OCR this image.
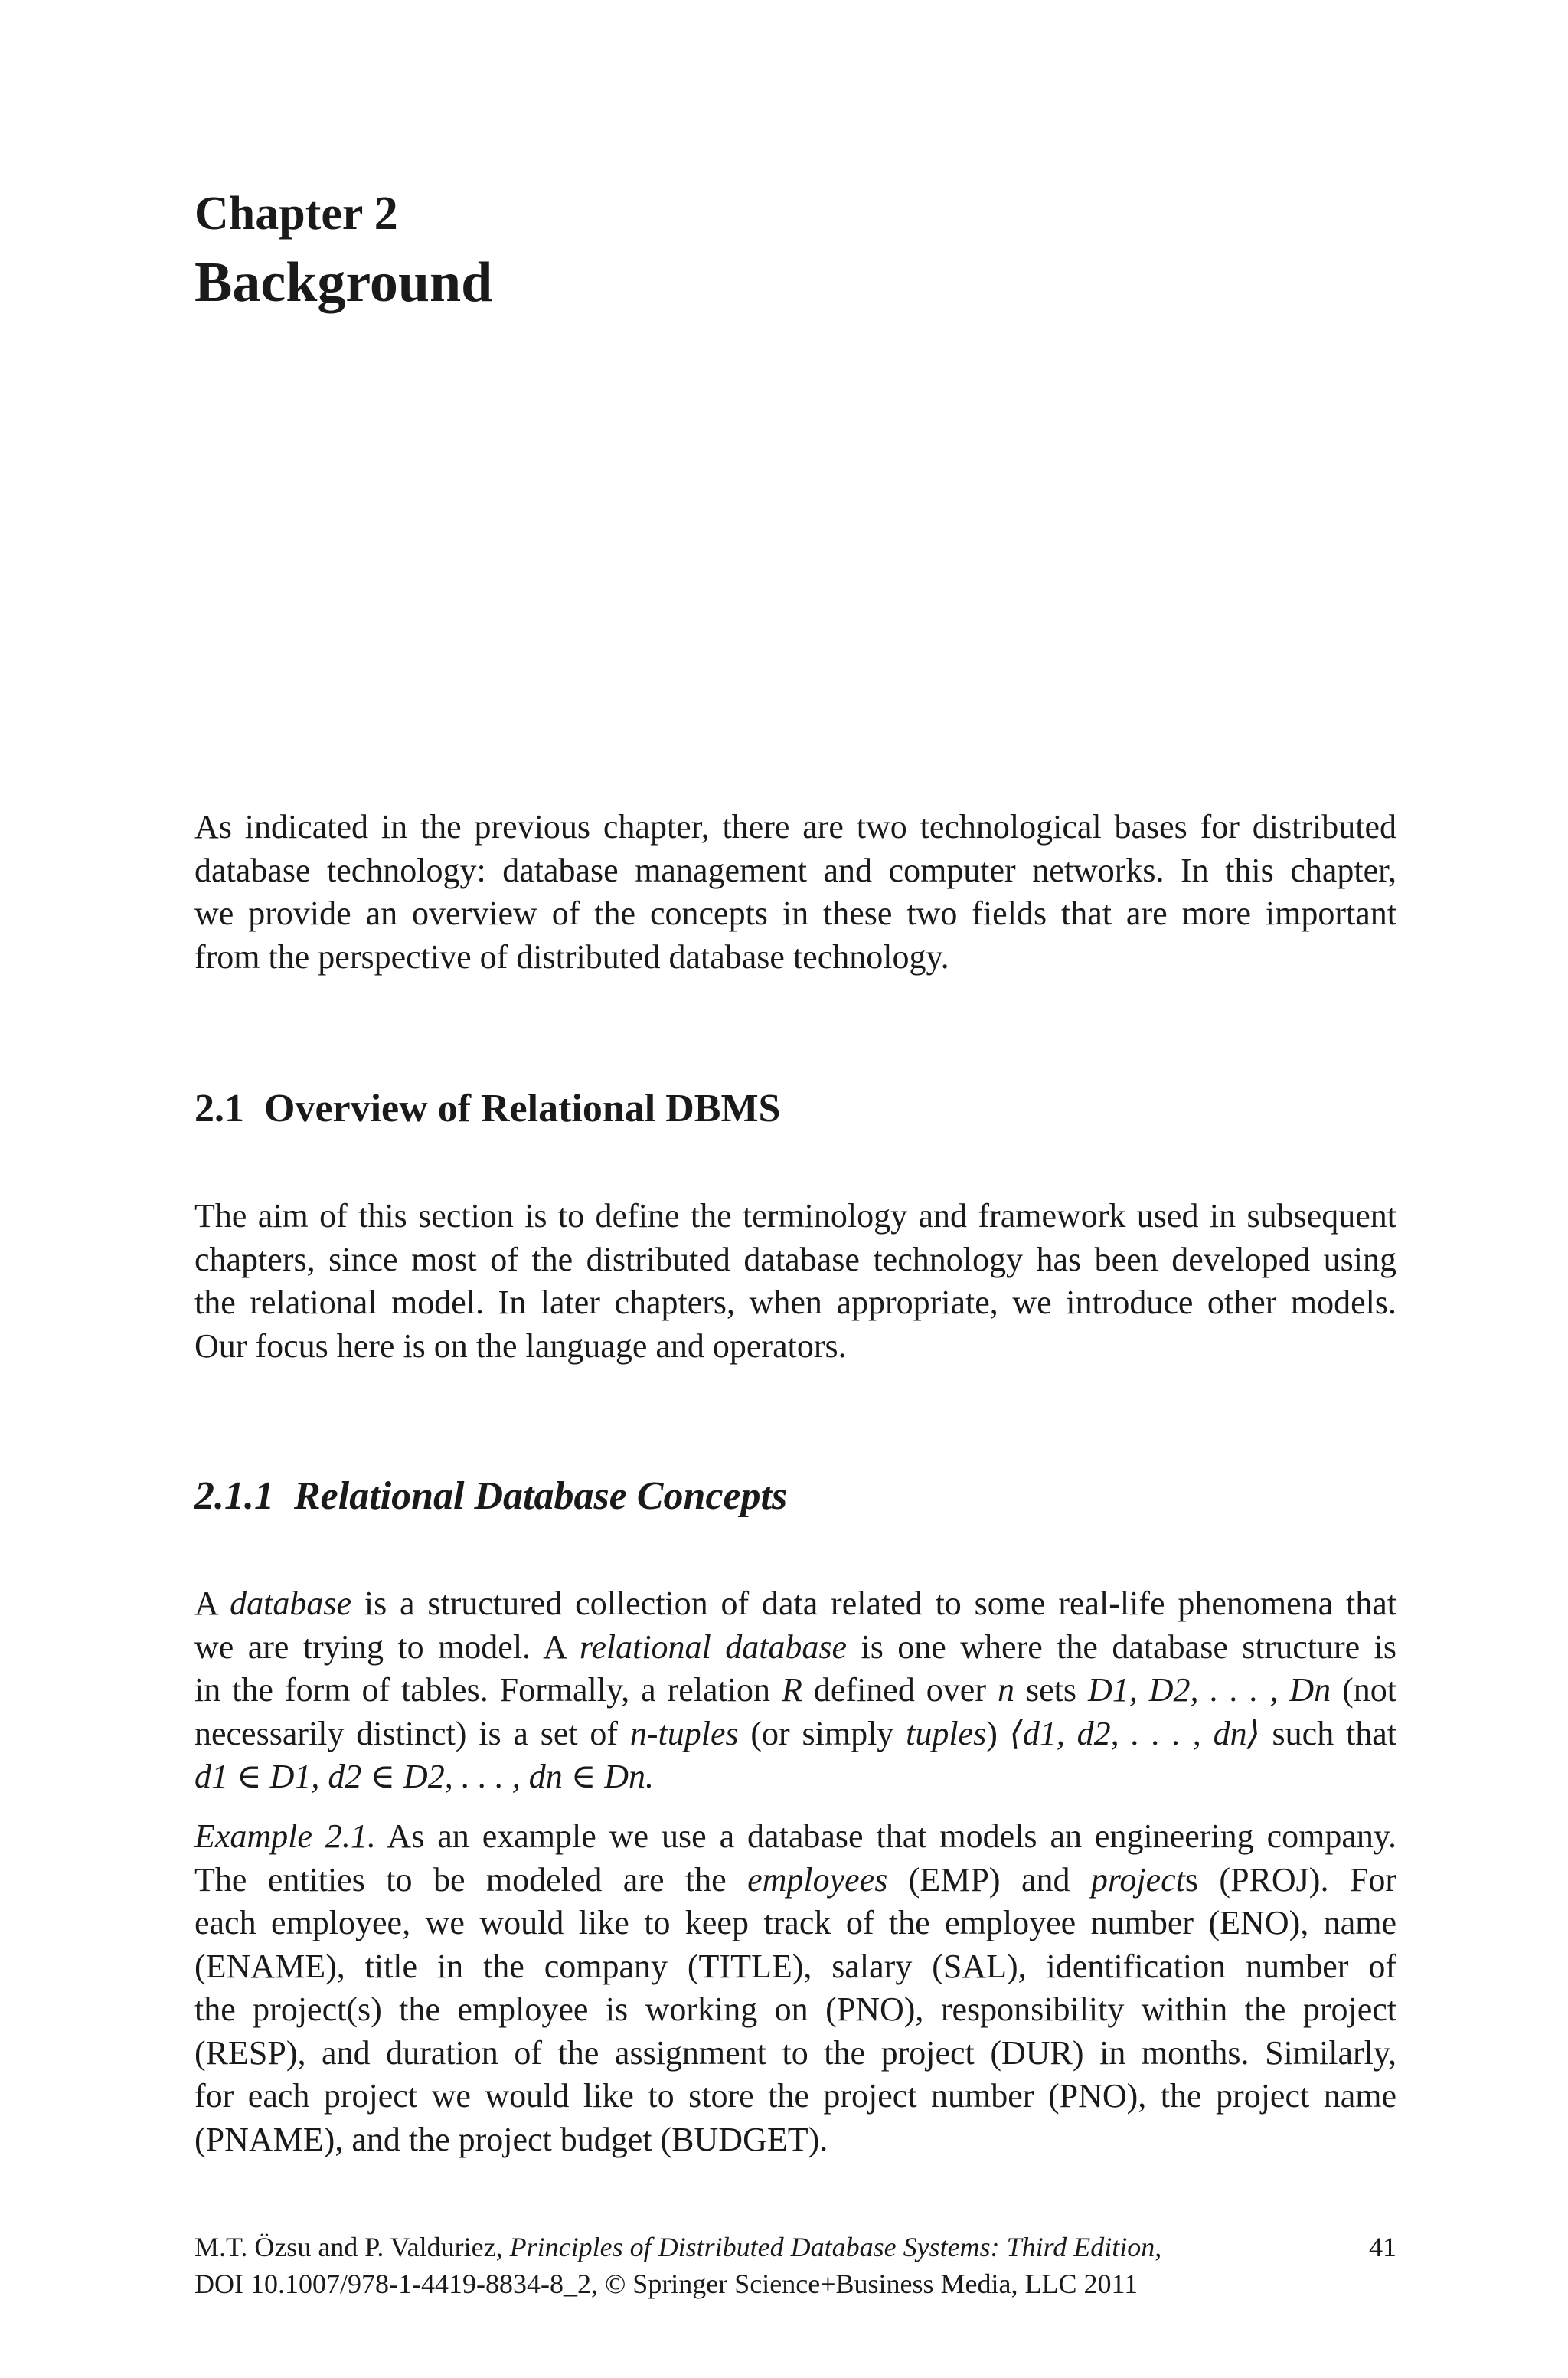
Chapter 2
Background

As indicated in the previous chapter, there are two technological bases for distributed
database technology: database management and computer networks. In this chapter,
we provide an overview of the concepts in these two fields that are more important
from the perspective of distributed database technology.

2.1 Overview of Relational DBMS

The aim of this section is to define the terminology and framework used in subsequent
chapters, since most of the distributed database technology has been developed using
the relational model. In later chapters, when appropriate, we introduce other models.
Our focus here is on the language and operators.

2.1.1 Relational Database Concepts

A database is a structured collection of data related to some real-life phenomena that
we are trying to model. A relational database is one where the database structure is
in the form of tables. Formally, a relation R defined over n sets D1, D2, . . . , Dn (not
necessarily distinct) is a set of n-tuples (or simply tuples) ⟨d1, d2, . . . , dn⟩ such that
d1 ∈ D1, d2 ∈ D2, . . . , dn ∈ Dn.

Example 2.1. As an example we use a database that models an engineering company.
The entities to be modeled are the employees (EMP) and projects (PROJ). For
each employee, we would like to keep track of the employee number (ENO), name
(ENAME), title in the company (TITLE), salary (SAL), identification number of
the project(s) the employee is working on (PNO), responsibility within the project
(RESP), and duration of the assignment to the project (DUR) in months. Similarly,
for each project we would like to store the project number (PNO), the project name
(PNAME), and the project budget (BUDGET).

M.T. Özsu and P. Valduriez, Principles of Distributed Database Systems: Third Edition,
DOI 10.1007/978-1-4419-8834-8_2, © Springer Science+Business Media, LLC 2011
41
